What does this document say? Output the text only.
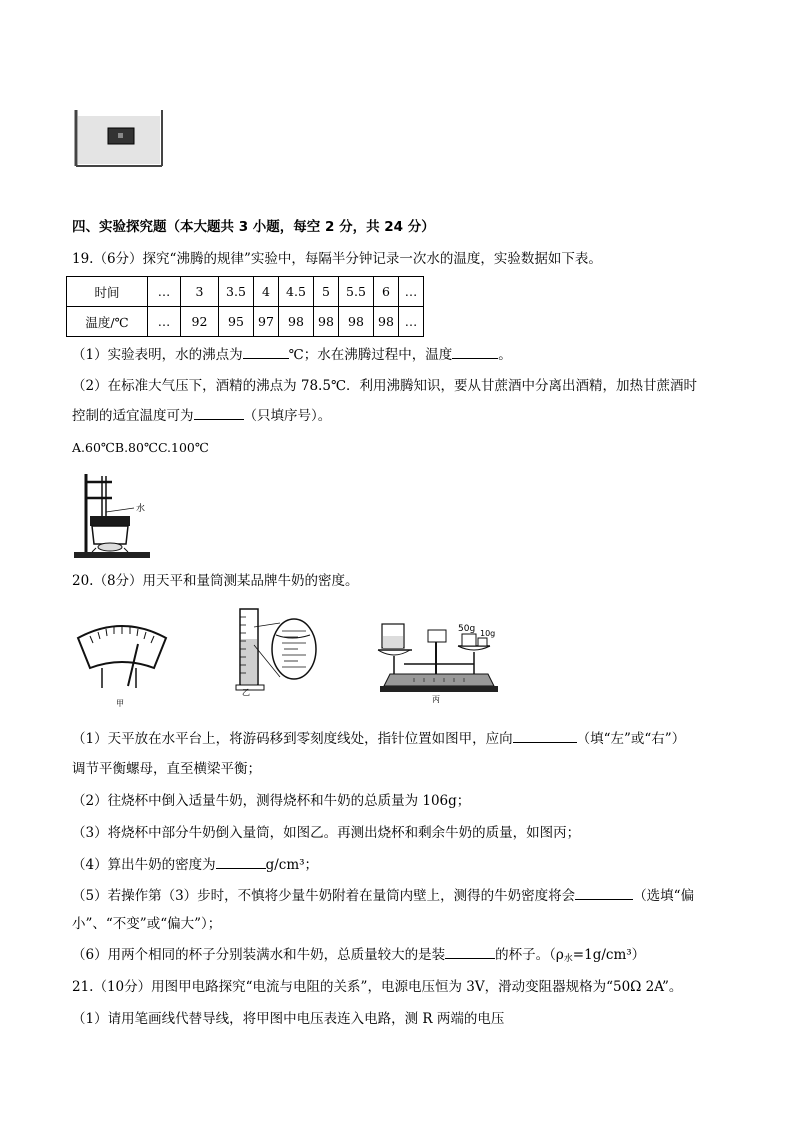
四、实验探究题（本大题共 3 小题，每空 2 分，共 24 分）
19.（6分）探究“沸腾的规律”实验中，每隔半分钟记录一次水的温度，实验数据如下表。
时间	…	3	3.5	4	4.5	5	5.5	6	…
温度/℃	…	92	95	97	98	98	98	98	…
（1）实验表明，水的沸点为	℃；水在沸腾过程中，温度	。
（2）在标准大气压下，酒精的沸点为 78.5℃．利用沸腾知识，要从甘蔗酒中分离出酒精，加热甘蔗酒时
控制的适宜温度可为	（只填序号）。
A.60℃B.80℃C.100℃
水
20.（8分）用天平和量筒测某品牌牛奶的密度。
甲
乙
50g 10g
丙
（1）天平放在水平台上，将游码移到零刻度线处，指针位置如图甲，应向	（填“左”或“右”）
调节平衡螺母，直至横梁平衡；
（2）往烧杯中倒入适量牛奶，测得烧杯和牛奶的总质量为 106g；
（3）将烧杯中部分牛奶倒入量筒，如图乙。再测出烧杯和剩余牛奶的质量，如图丙；
（4）算出牛奶的密度为	g/cm³；
（5）若操作第（3）步时，不慎将少量牛奶附着在量筒内壁上，测得的牛奶密度将会	（选填“偏
小”、“不变”或“偏大”）；
（6）用两个相同的杯子分别装满水和牛奶，总质量较大的是装	的杯子。（ρ水=1g/cm³）
21.（10分）用图甲电路探究“电流与电阻的关系”，电源电压恒为 3V，滑动变阻器规格为“50Ω 2A”。
（1）请用笔画线代替导线，将甲图中电压表连入电路，测 R 两端的电压
